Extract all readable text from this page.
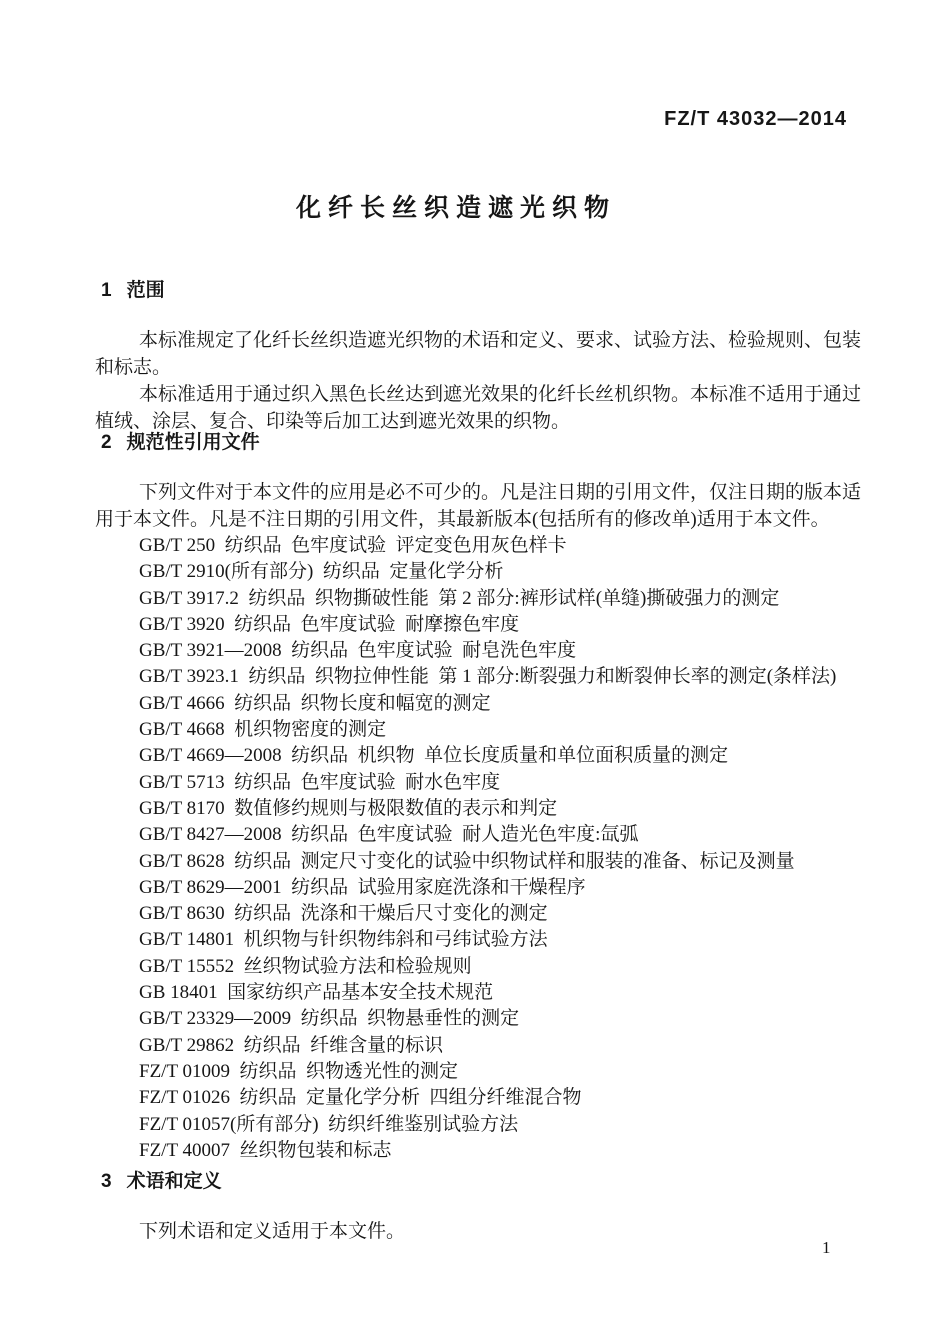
FZ/T 43032—2014
化纤长丝织造遮光织物
1 范围

本标准规定了化纤长丝织造遮光织物的术语和定义、要求、试验方法、检验规则、包装和标志。

本标准适用于通过织入黑色长丝达到遮光效果的化纤长丝机织物。本标准不适用于通过植绒、涂层、复合、印染等后加工达到遮光效果的织物。

2 规范性引用文件

下列文件对于本文件的应用是必不可少的。凡是注日期的引用文件，仅注日期的版本适用于本文件。凡是不注日期的引用文件，其最新版本(包括所有的修改单)适用于本文件。

GB/T 250  纺织品  色牢度试验  评定变色用灰色样卡
GB/T 2910(所有部分)  纺织品  定量化学分析
GB/T 3917.2  纺织品  织物撕破性能  第 2 部分:裤形试样(单缝)撕破强力的测定
GB/T 3920  纺织品  色牢度试验  耐摩擦色牢度
GB/T 3921—2008  纺织品  色牢度试验  耐皂洗色牢度
GB/T 3923.1  纺织品  织物拉伸性能  第 1 部分:断裂强力和断裂伸长率的测定(条样法)
GB/T 4666  纺织品  织物长度和幅宽的测定
GB/T 4668  机织物密度的测定
GB/T 4669—2008  纺织品  机织物  单位长度质量和单位面积质量的测定
GB/T 5713  纺织品  色牢度试验  耐水色牢度
GB/T 8170  数值修约规则与极限数值的表示和判定
GB/T 8427—2008  纺织品  色牢度试验  耐人造光色牢度:氙弧
GB/T 8628  纺织品  测定尺寸变化的试验中织物试样和服装的准备、标记及测量
GB/T 8629—2001  纺织品  试验用家庭洗涤和干燥程序
GB/T 8630  纺织品  洗涤和干燥后尺寸变化的测定
GB/T 14801  机织物与针织物纬斜和弓纬试验方法
GB/T 15552  丝织物试验方法和检验规则
GB 18401  国家纺织产品基本安全技术规范
GB/T 23329—2009  纺织品  织物悬垂性的测定
GB/T 29862  纺织品  纤维含量的标识
FZ/T 01009  纺织品  织物透光性的测定
FZ/T 01026  纺织品  定量化学分析  四组分纤维混合物
FZ/T 01057(所有部分)  纺织纤维鉴别试验方法
FZ/T 40007  丝织物包装和标志
3 术语和定义

下列术语和定义适用于本文件。

1
